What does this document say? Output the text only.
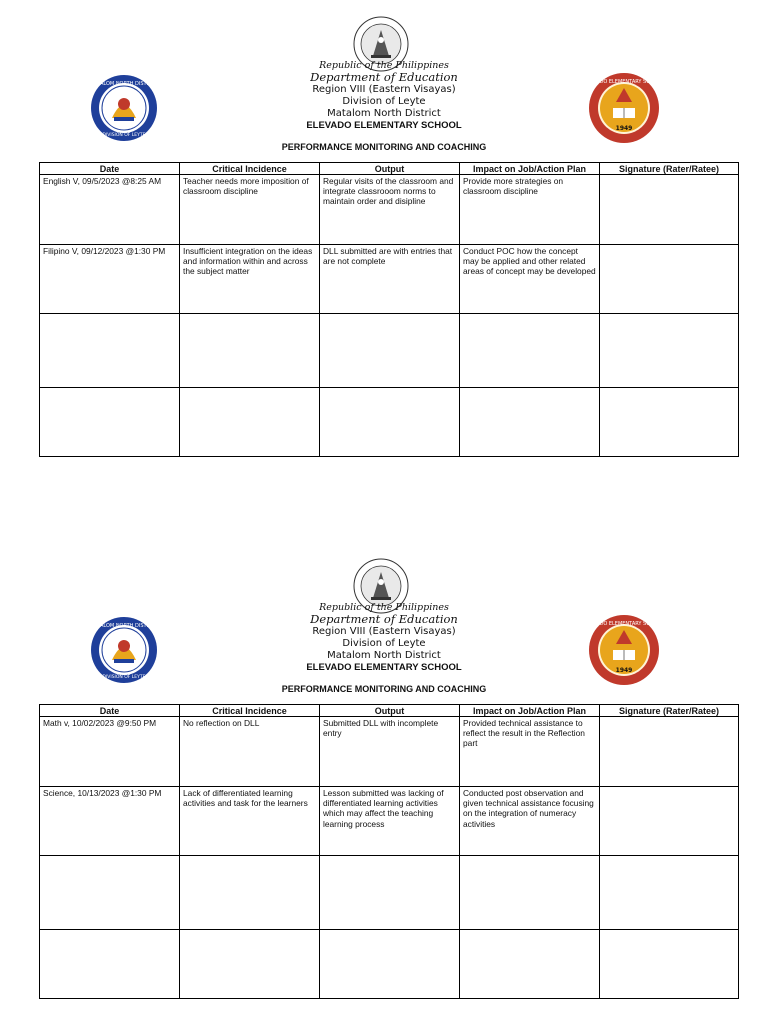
MATALOM NORTH DISTRICT
DIVISION OF LEYTE
ELEVADO ELEMENTARY SCHOOL
1949
Republic of the Philippines
Department of Education
Region VIII (Eastern Visayas)
Division of Leyte
Matalom North District
ELEVADO ELEMENTARY SCHOOL
PERFORMANCE MONITORING AND COACHING
Date	Critical Incidence	Output	Impact on Job/Action Plan	Signature (Rater/Ratee)
English V, 09/5/2023 @8:25 AM	Teacher needs more imposition of classroom discipline	Regular visits of the classroom and integrate classrooom norms to maintain order and disipline	Provide more strategies on classroom discipline	
Filipino V, 09/12/2023 @1:30 PM	Insufficient integration on the ideas and information within and across the subject matter	DLL submitted are with entries that are not complete	Conduct POC how the concept may be applied and other related areas of concept may be developed	

MATALOM NORTH DISTRICT
DIVISION OF LEYTE
ELEVADO ELEMENTARY SCHOOL
1949
Republic of the Philippines
Department of Education
Region VIII (Eastern Visayas)
Division of Leyte
Matalom North District
ELEVADO ELEMENTARY SCHOOL
PERFORMANCE MONITORING AND COACHING
Date	Critical Incidence	Output	Impact on Job/Action Plan	Signature (Rater/Ratee)
Math v, 10/02/2023 @9:50 PM	No reflection on DLL	Submitted DLL with incomplete entry	Provided technical assistance to reflect the result in the Reflection part	
Science, 10/13/2023 @1:30 PM	Lack of differentiated learning activities and task for the learners	Lesson submitted was lacking of differentiated learning activities which may affect the teaching learning process	Conducted post observation and given technical assistance focusing on the integration of numeracy activities	
